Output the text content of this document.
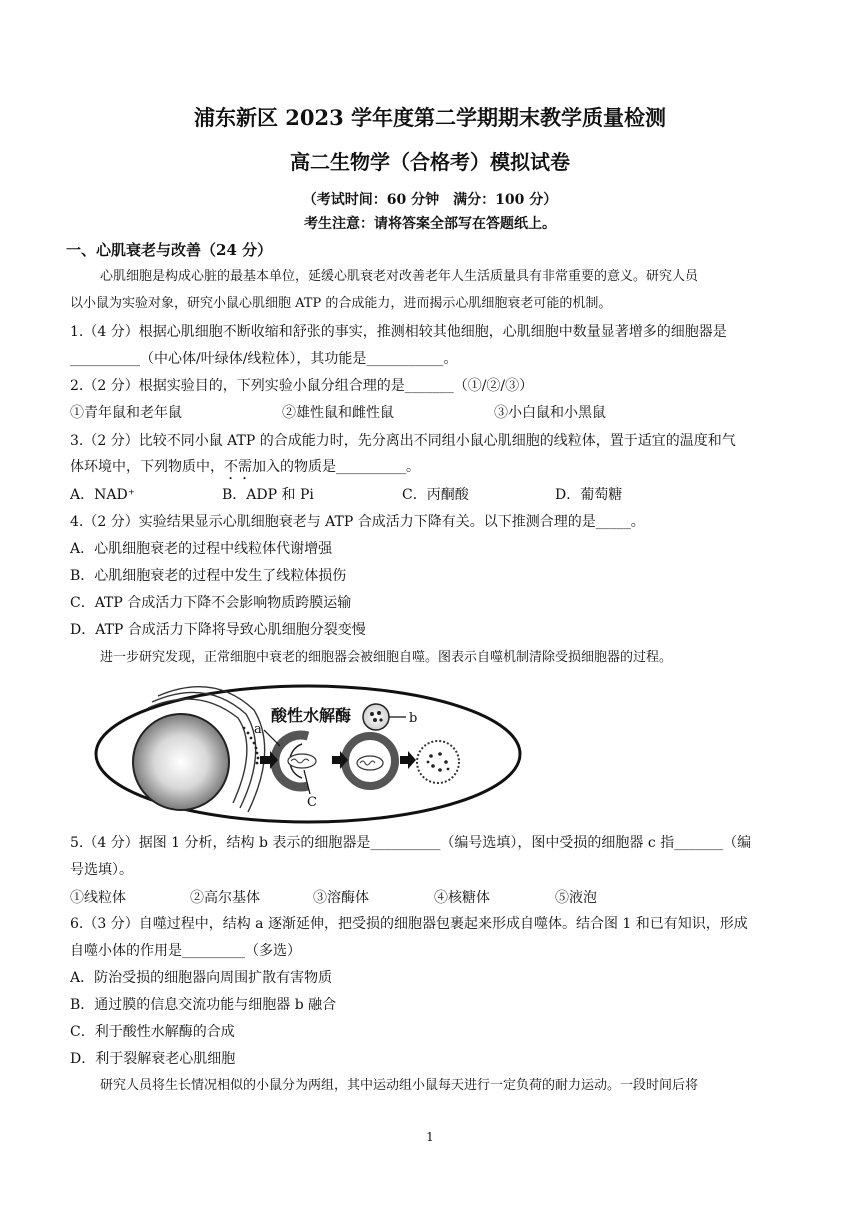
浦东新区 2023 学年度第二学期期末教学质量检测
高二生物学（合格考）模拟试卷
（考试时间：60 分钟　满分：100 分）
考生注意：请将答案全部写在答题纸上。
一、心肌衰老与改善（24 分）
心肌细胞是构成心脏的最基本单位，延缓心肌衰老对改善老年人生活质量具有非常重要的意义。研究人员
以小鼠为实验对象，研究小鼠心肌细胞 ATP 的合成能力，进而揭示心肌细胞衰老可能的机制。
1.（4 分）根据心肌细胞不断收缩和舒张的事实，推测相较其他细胞，心肌细胞中数量显著增多的细胞器是
__________（中心体/叶绿体/线粒体），其功能是___________。
2.（2 分）根据实验目的，下列实验小鼠分组合理的是_______（①/②/③）
①青年鼠和老年鼠	②雄性鼠和雌性鼠	③小白鼠和小黑鼠
3.（2 分）比较不同小鼠 ATP 的合成能力时，先分离出不同组小鼠心肌细胞的线粒体，置于适宜的温度和气
体环境中，下列物质中，不需加入的物质是__________。
A．NAD⁺	B．ADP 和 Pi	C．丙酮酸	D．葡萄糖
4.（2 分）实验结果显示心肌细胞衰老与 ATP 合成活力下降有关。以下推测合理的是_____。
A．心肌细胞衰老的过程中线粒体代谢增强
B．心肌细胞衰老的过程中发生了线粒体损伤
C．ATP 合成活力下降不会影响物质跨膜运输
D．ATP 合成活力下降将导致心肌细胞分裂变慢
进一步研究发现，正常细胞中衰老的细胞器会被细胞自噬。图表示自噬机制清除受损细胞器的过程。
酸性水解酶
a
b
C
5.（4 分）据图 1 分析，结构 b 表示的细胞器是__________（编号选填），图中受损的细胞器 c 指_______（编
号选填）。
①线粒体	②高尔基体	③溶酶体	④核糖体	⑤液泡
6.（3 分）自噬过程中，结构 a 逐渐延伸，把受损的细胞器包裹起来形成自噬体。结合图 1 和已有知识，形成
自噬小体的作用是_________（多选）
A．防治受损的细胞器向周围扩散有害物质
B．通过膜的信息交流功能与细胞器 b 融合
C．利于酸性水解酶的合成
D．利于裂解衰老心肌细胞
研究人员将生长情况相似的小鼠分为两组，其中运动组小鼠每天进行一定负荷的耐力运动。一段时间后将
1
